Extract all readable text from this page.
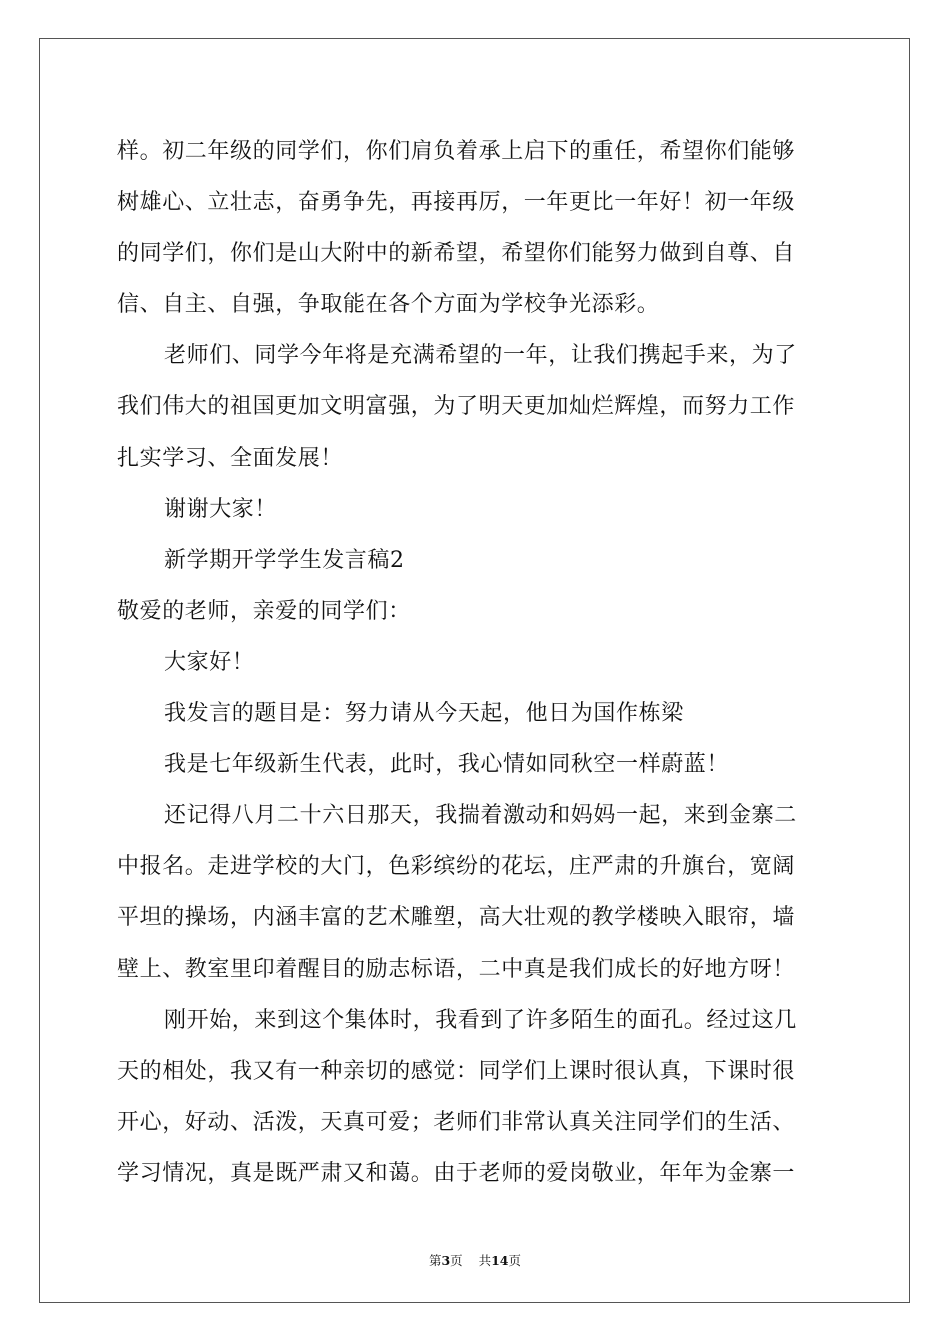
样。初二年级的同学们，你们肩负着承上启下的重任，希望你们能够
树雄心、立壮志，奋勇争先，再接再厉，一年更比一年好！初一年级
的同学们，你们是山大附中的新希望，希望你们能努力做到自尊、自
信、自主、自强，争取能在各个方面为学校争光添彩。
老师们、同学今年将是充满希望的一年，让我们携起手来，为了
我们伟大的祖国更加文明富强，为了明天更加灿烂辉煌，而努力工作
扎实学习、全面发展！
谢谢大家！
新学期开学学生发言稿2
敬爱的老师，亲爱的同学们：
大家好！
我发言的题目是：努力请从今天起，他日为国作栋梁
我是七年级新生代表，此时，我心情如同秋空一样蔚蓝！
还记得八月二十六日那天，我揣着激动和妈妈一起，来到金寨二
中报名。走进学校的大门，色彩缤纷的花坛，庄严肃的升旗台，宽阔
平坦的操场，内涵丰富的艺术雕塑，高大壮观的教学楼映入眼帘，墙
壁上、教室里印着醒目的励志标语，二中真是我们成长的好地方呀！
刚开始，来到这个集体时，我看到了许多陌生的面孔。经过这几
天的相处，我又有一种亲切的感觉：同学们上课时很认真，下课时很
开心，好动、活泼，天真可爱；老师们非常认真关注同学们的生活、
学习情况，真是既严肃又和蔼。由于老师的爱岗敬业，年年为金寨一
第3页 共14页
